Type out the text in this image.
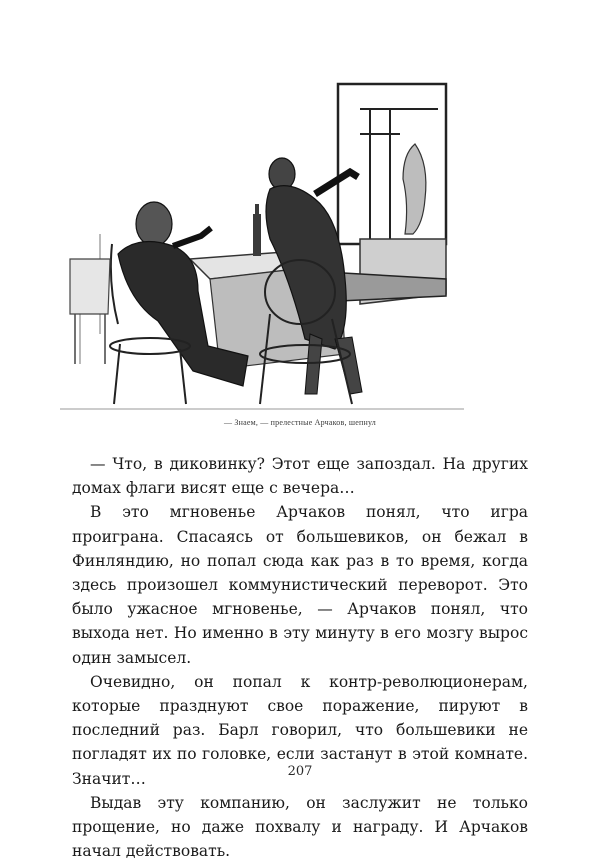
— Знаем, — прелестные Арчаков, шепнул

— Что, в диковинку? Этот еще запоздал. На других домах флаги висят еще с вечера…

В это мгновенье Арчаков понял, что игра проиграна. Спасаясь от большевиков, он бежал в Финляндию, но попал сюда как раз в то время, когда здесь произошел коммунистический переворот. Это было ужасное мгновенье, — Арчаков понял, что выхода нет. Но именно в эту минуту в его мозгу вырос один замысел.

Очевидно, он попал к контр-революционерам, которые празднуют свое поражение, пируют в последний раз. Барл говорил, что большевики не погладят их по головке, если застанут в этой комнате. Значит…

Выдав эту компанию, он заслужит не только прощение, но даже похвалу и награду. И Арчаков начал действовать.

207
